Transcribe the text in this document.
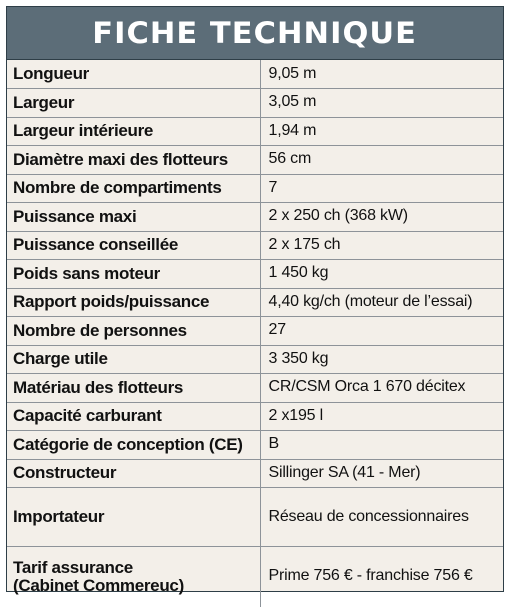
FICHE TECHNIQUE
Longueur	9,05 m
Largeur	3,05 m
Largeur intérieure	1,94 m
Diamètre maxi des flotteurs	56 cm
Nombre de compartiments	7
Puissance maxi	2 x 250 ch (368 kW)
Puissance conseillée	2 x 175 ch
Poids sans moteur	1 450 kg
Rapport poids/puissance	4,40 kg/ch (moteur de l’essai)
Nombre de personnes	27
Charge utile	3 350 kg
Matériau des flotteurs	CR/CSM Orca 1 670 décitex
Capacité carburant	2 x195 l
Catégorie de conception (CE)	B
Constructeur	Sillinger SA (41 - Mer)
Importateur	Réseau de concessionnaires

Tarif assurance
(Cabinet Commereuc)	Prime 756 € - franchise 756 €
